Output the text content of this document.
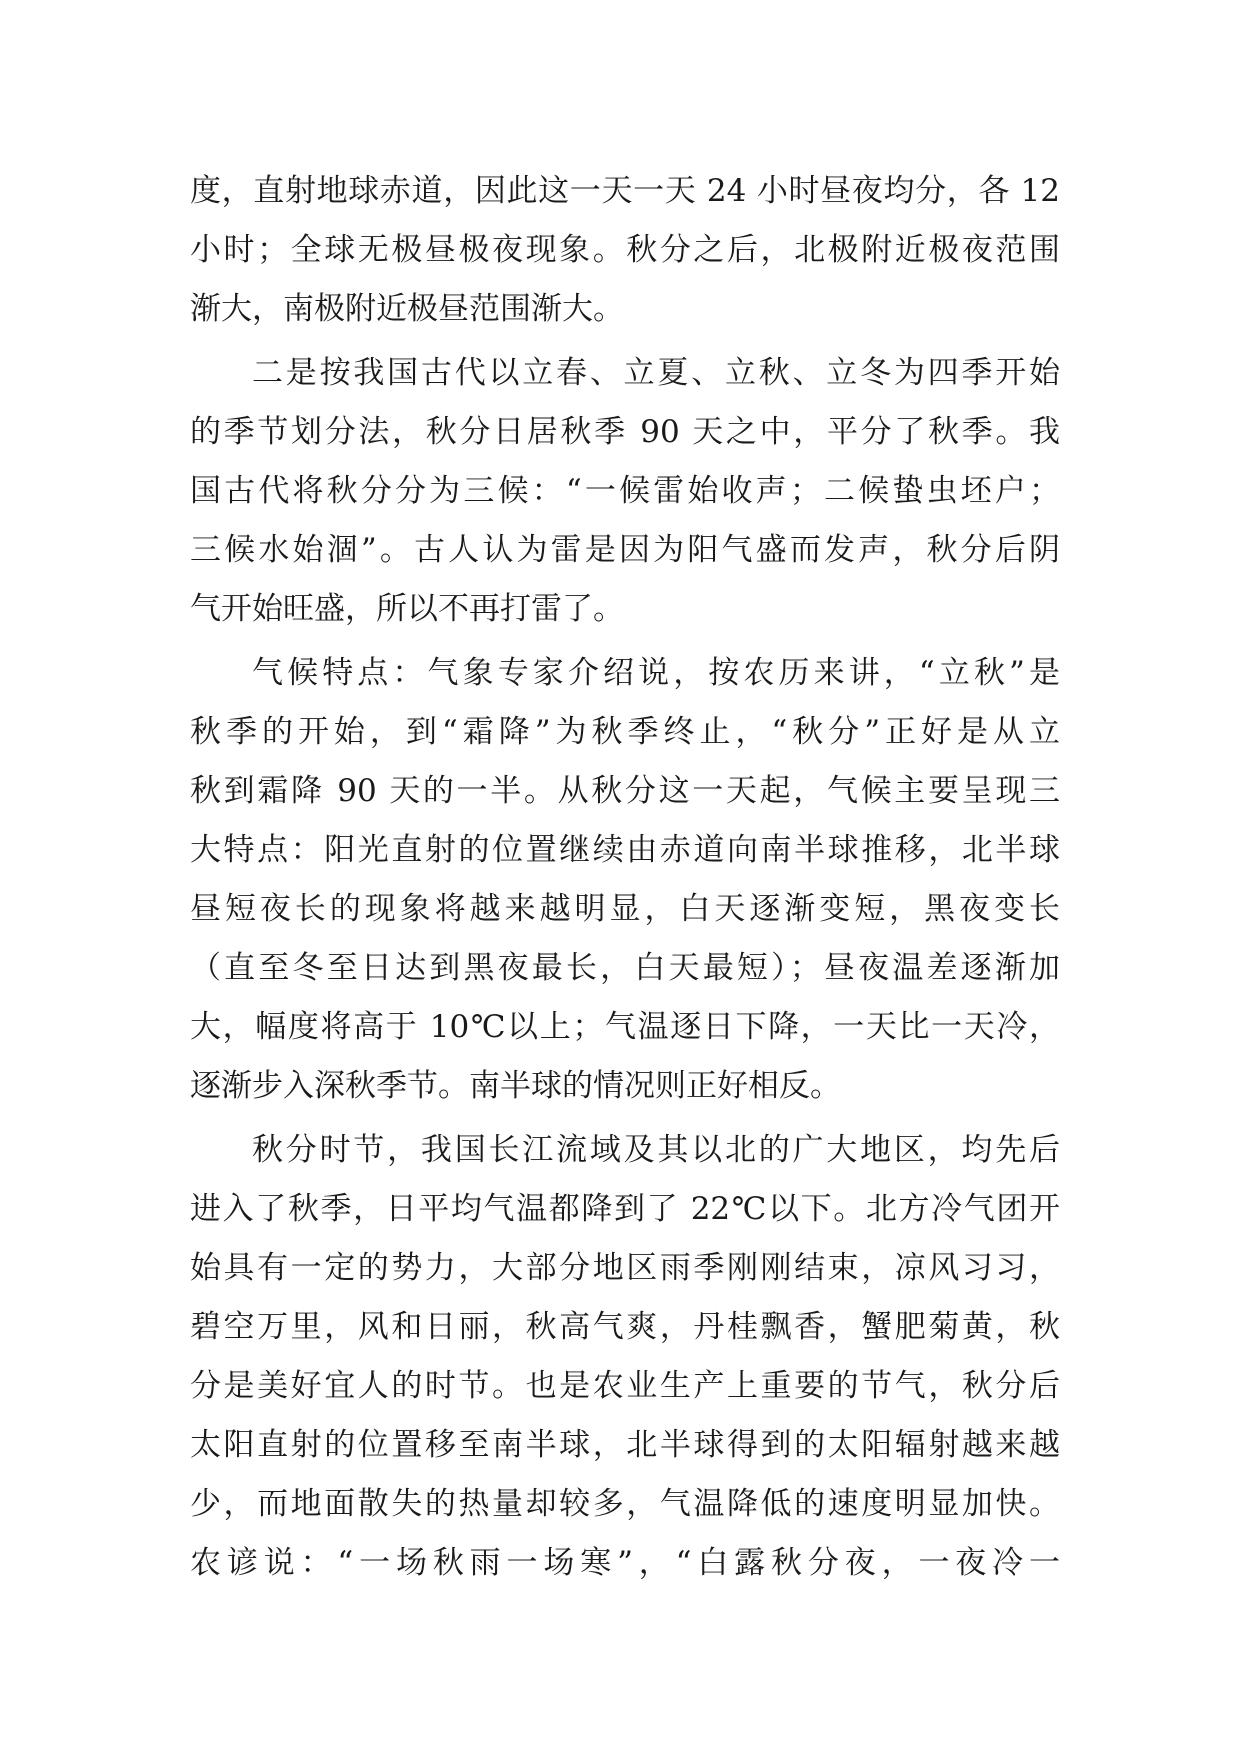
度，直射地球赤道，因此这一天一天 24 小时昼夜均分，各 12
小时；全球无极昼极夜现象。秋分之后，北极附近极夜范围
渐大，南极附近极昼范围渐大。
二是按我国古代以立春、立夏、立秋、立冬为四季开始
的季节划分法，秋分日居秋季 90 天之中，平分了秋季。我
国古代将秋分分为三候：“一候雷始收声；二候蛰虫坯户；
三候水始涸”。古人认为雷是因为阳气盛而发声，秋分后阴
气开始旺盛，所以不再打雷了。
气候特点：气象专家介绍说，按农历来讲，“立秋”是
秋季的开始，到“霜降”为秋季终止，“秋分”正好是从立
秋到霜降 90 天的一半。从秋分这一天起，气候主要呈现三
大特点：阳光直射的位置继续由赤道向南半球推移，北半球
昼短夜长的现象将越来越明显，白天逐渐变短，黑夜变长
（直至冬至日达到黑夜最长，白天最短）；昼夜温差逐渐加
大，幅度将高于 10℃以上；气温逐日下降，一天比一天冷，
逐渐步入深秋季节。南半球的情况则正好相反。
秋分时节，我国长江流域及其以北的广大地区，均先后
进入了秋季，日平均气温都降到了 22℃以下。北方冷气团开
始具有一定的势力，大部分地区雨季刚刚结束，凉风习习，
碧空万里，风和日丽，秋高气爽，丹桂飘香，蟹肥菊黄，秋
分是美好宜人的时节。也是农业生产上重要的节气，秋分后
太阳直射的位置移至南半球，北半球得到的太阳辐射越来越
少，而地面散失的热量却较多，气温降低的速度明显加快。
农谚说：“一场秋雨一场寒”，“白露秋分夜，一夜冷一
